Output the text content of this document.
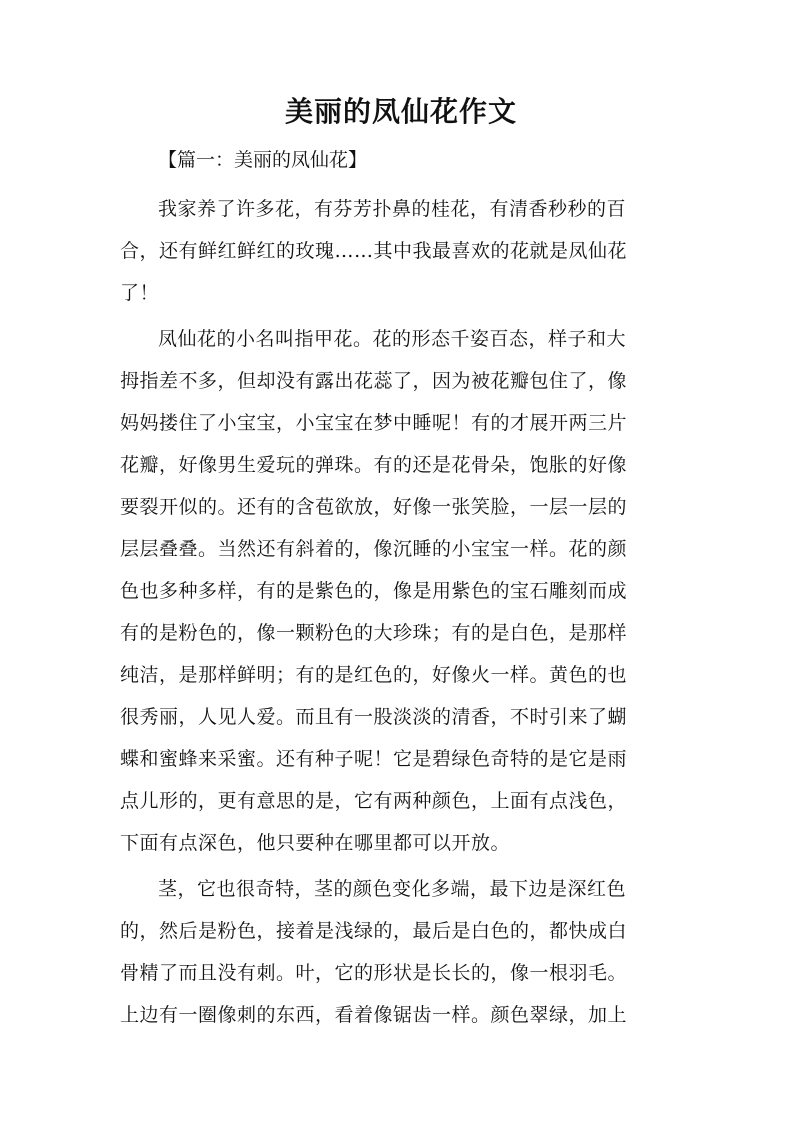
美丽的凤仙花作文
【篇一：美丽的凤仙花】
我家养了许多花，有芬芳扑鼻的桂花，有清香秒秒的百
合，还有鲜红鲜红的玫瑰……其中我最喜欢的花就是凤仙花
了！
凤仙花的小名叫指甲花。花的形态千姿百态，样子和大
拇指差不多，但却没有露出花蕊了，因为被花瓣包住了，像
妈妈搂住了小宝宝，小宝宝在梦中睡呢！有的才展开两三片
花瓣，好像男生爱玩的弹珠。有的还是花骨朵，饱胀的好像
要裂开似的。还有的含苞欲放，好像一张笑脸，一层一层的
层层叠叠。当然还有斜着的，像沉睡的小宝宝一样。花的颜
色也多种多样，有的是紫色的，像是用紫色的宝石雕刻而成
有的是粉色的，像一颗粉色的大珍珠；有的是白色，是那样
纯洁，是那样鲜明；有的是红色的，好像火一样。黄色的也
很秀丽，人见人爱。而且有一股淡淡的清香，不时引来了蝴
蝶和蜜蜂来采蜜。还有种子呢！它是碧绿色奇特的是它是雨
点儿形的，更有意思的是，它有两种颜色，上面有点浅色，
下面有点深色，他只要种在哪里都可以开放。
茎，它也很奇特，茎的颜色变化多端，最下边是深红色
的，然后是粉色，接着是浅绿的，最后是白色的，都快成白
骨精了而且没有刺。叶，它的形状是长长的，像一根羽毛。
上边有一圈像刺的东西，看着像锯齿一样。颜色翠绿，加上
